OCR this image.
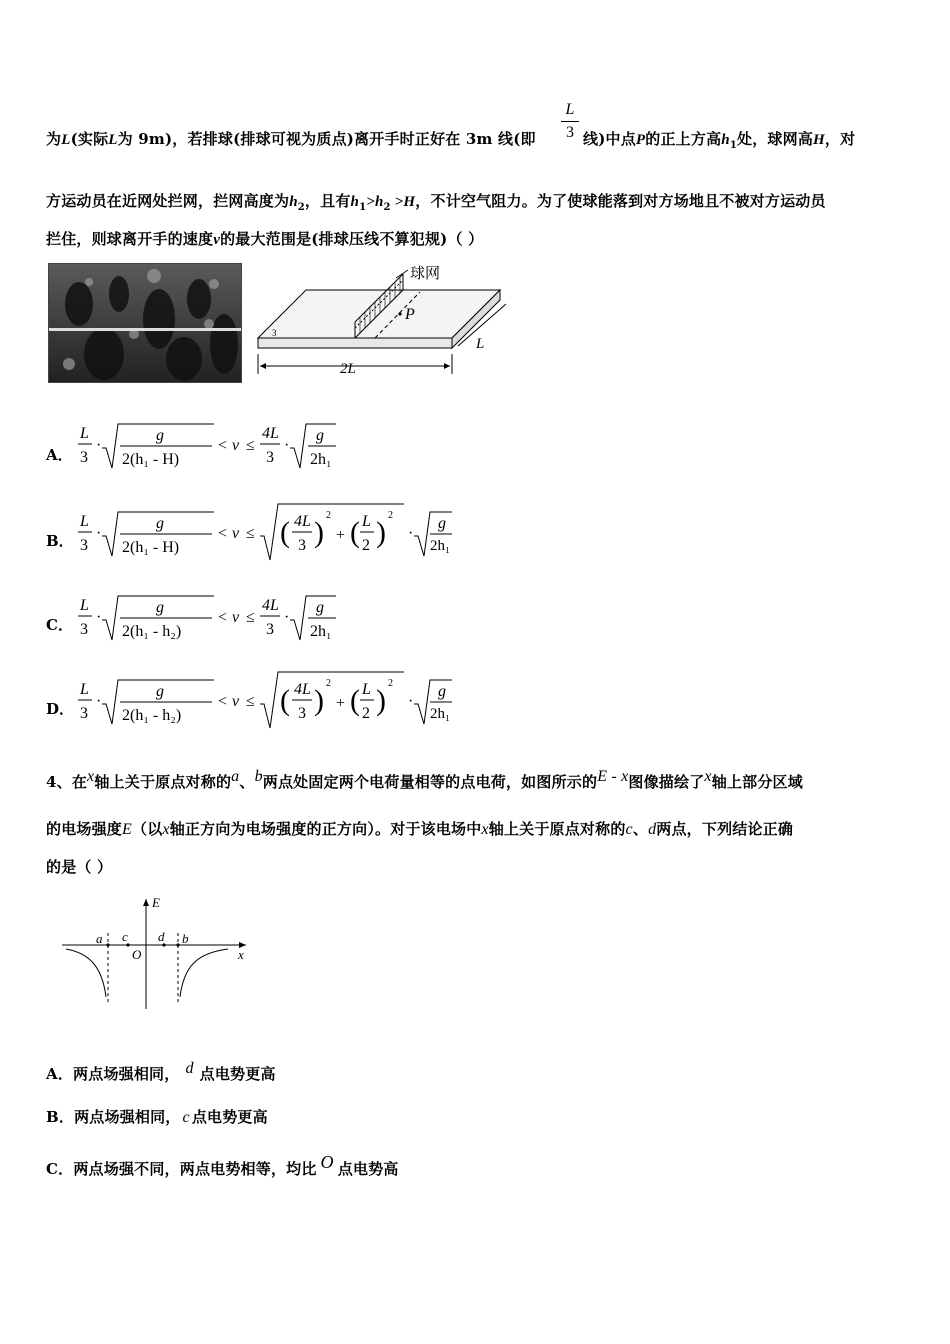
为L(实际L为 9m)，若排球(排球可视为质点)离开手时正好在 3m 线(即
L
3 线)中点P的正上方高$h_1$处，球网高H，对
方运动员在近网处拦网，拦网高度为$h_2$，且有$h_1>h_2 >H$，不计空气阻力。为了使球能落到对方场地且不被对方运动员
拦住，则球离开手的速度v的最大范围是(排球压线不算犯规)（ ）
球网
P
2L
L
3
A．
L
3
·
g
2(h₁ - H)
< v ≤
4L
3
·
g
2h₁
B．
L
3
·
g
2(h₁ - H)
< v ≤ ( 4L
3 )
2
+ ( L
2 )
2
·
g
2h₁
C．
L
3
·
g
2(h₁ - h₂)
< v ≤
4L
3
·
g
2h₁
D．
L
3
·
g
2(h₁ - h₂)
< v ≤ ( 4L
3 )
2
+ ( L
2 )
2
·
g
2h₁
4、在$^x$轴上关于原点对称的$^a$、$^b$两点处固定两个电荷量相等的点电荷，如图所示的$^{E - x}$图像描绘了$^x$轴上部分区域
的电场强度E（以x轴正方向为电场强度的正方向）。对于该电场中x轴上关于原点对称的c、d两点，下列结论正确
的是（ ）
E
x
a c
O
d b
A．两点场强相同， $^d$ 点电势更高
B．两点场强相同， c 点电势更高
C．两点场强不同，两点电势相等，均比 $^O$ 点电势高
